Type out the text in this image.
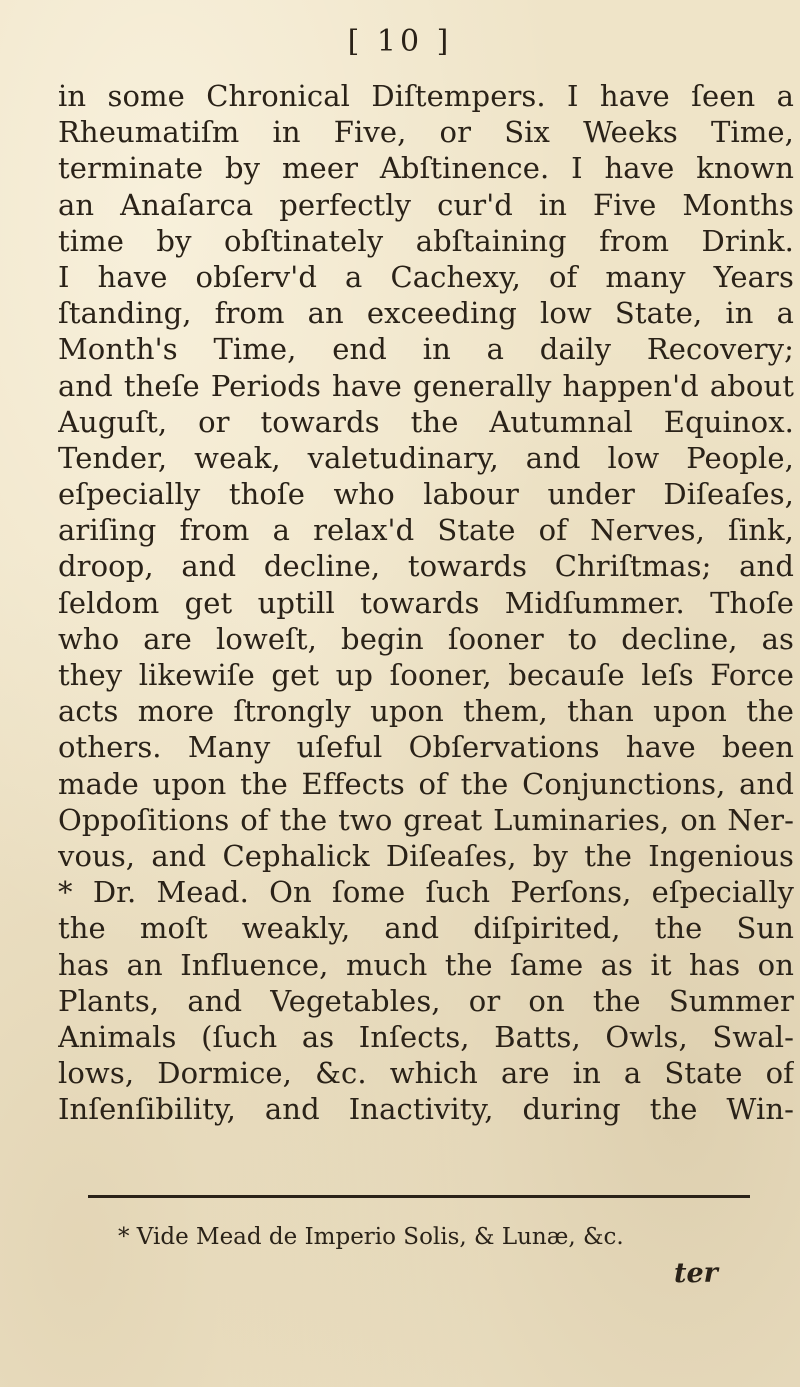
[ 10 ]
in some Chronical Diſtempers. I have ſeen a
Rheumatiſm in Five, or Six Weeks Time,
terminate by meer Abſtinence. I have known
an Anaſarca perfectly cur'd in Five Months
time by obſtinately abſtaining from Drink.
I have obſerv'd a Cachexy, of many Years
ſtanding, from an exceeding low State, in a
Month's Time, end in a daily Recovery;
and theſe Periods have generally happen'd about
Auguſt, or towards the Autumnal Equinox.
Tender, weak, valetudinary, and low People,
eſpecially thoſe who labour under Diſeaſes,
ariſing from a relax'd State of Nerves, ſink,
droop, and decline, towards Chriſtmas; and
ſeldom get uptill towards Midſummer. Thoſe
who are loweſt, begin ſooner to decline, as
they likewiſe get up ſooner, becauſe leſs Force
acts more ſtrongly upon them, than upon the
others. Many uſeful Obſervations have been
made upon the Effects of the Conjunctions, and
Oppoſitions of the two great Luminaries, on Ner-
vous, and Cephalick Diſeaſes, by the Ingenious
* Dr. Mead. On ſome ſuch Perſons, eſpecially
the moſt weakly, and diſpirited, the Sun
has an Influence, much the ſame as it has on
Plants, and Vegetables, or on the Summer
Animals (ſuch as Inſects, Batts, Owls, Swal-
lows, Dormice, &c. which are in a State of
Inſenſibility, and Inactivity, during the Win-
* Vide Mead de Imperio Solis, & Lunæ, &c.
ter
